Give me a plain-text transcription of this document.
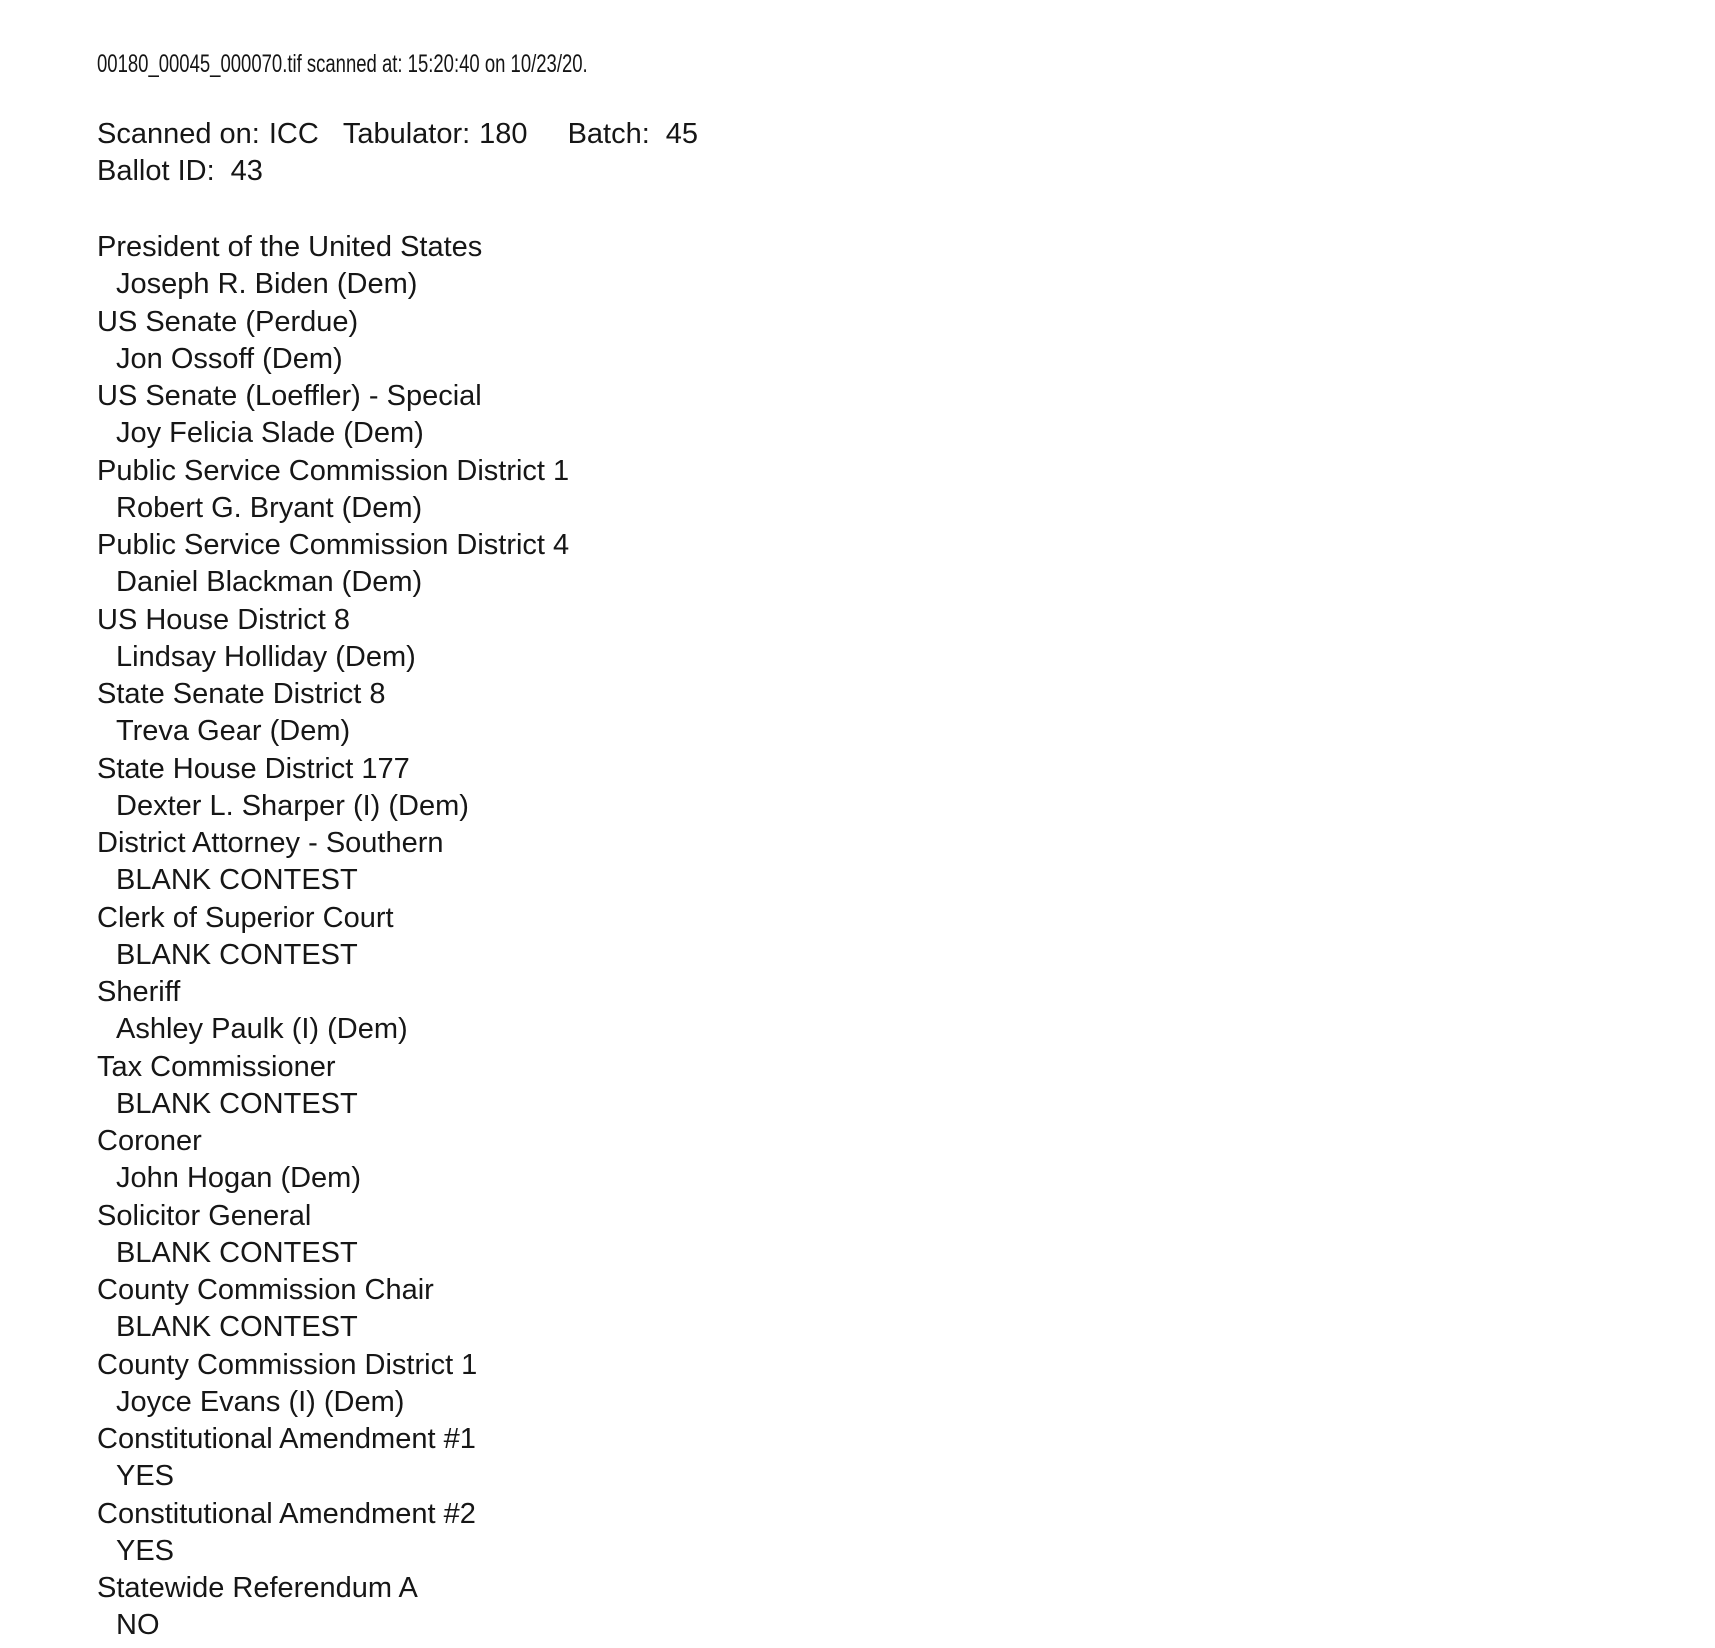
00180_00045_000070.tif scanned at: 15:20:40 on 10/23/20.
Scanned on: ICC Tabulator: 180 Batch: 45
Ballot ID: 43
President of the United States
Joseph R. Biden (Dem)
US Senate (Perdue)
Jon Ossoff (Dem)
US Senate (Loeffler) - Special
Joy Felicia Slade (Dem)
Public Service Commission District 1
Robert G. Bryant (Dem)
Public Service Commission District 4
Daniel Blackman (Dem)
US House District 8
Lindsay Holliday (Dem)
State Senate District 8
Treva Gear (Dem)
State House District 177
Dexter L. Sharper (I) (Dem)
District Attorney - Southern
BLANK CONTEST
Clerk of Superior Court
BLANK CONTEST
Sheriff
Ashley Paulk (I) (Dem)
Tax Commissioner
BLANK CONTEST
Coroner
John Hogan (Dem)
Solicitor General
BLANK CONTEST
County Commission Chair
BLANK CONTEST
County Commission District 1
Joyce Evans (I) (Dem)
Constitutional Amendment #1
YES
Constitutional Amendment #2
YES
Statewide Referendum A
NO
